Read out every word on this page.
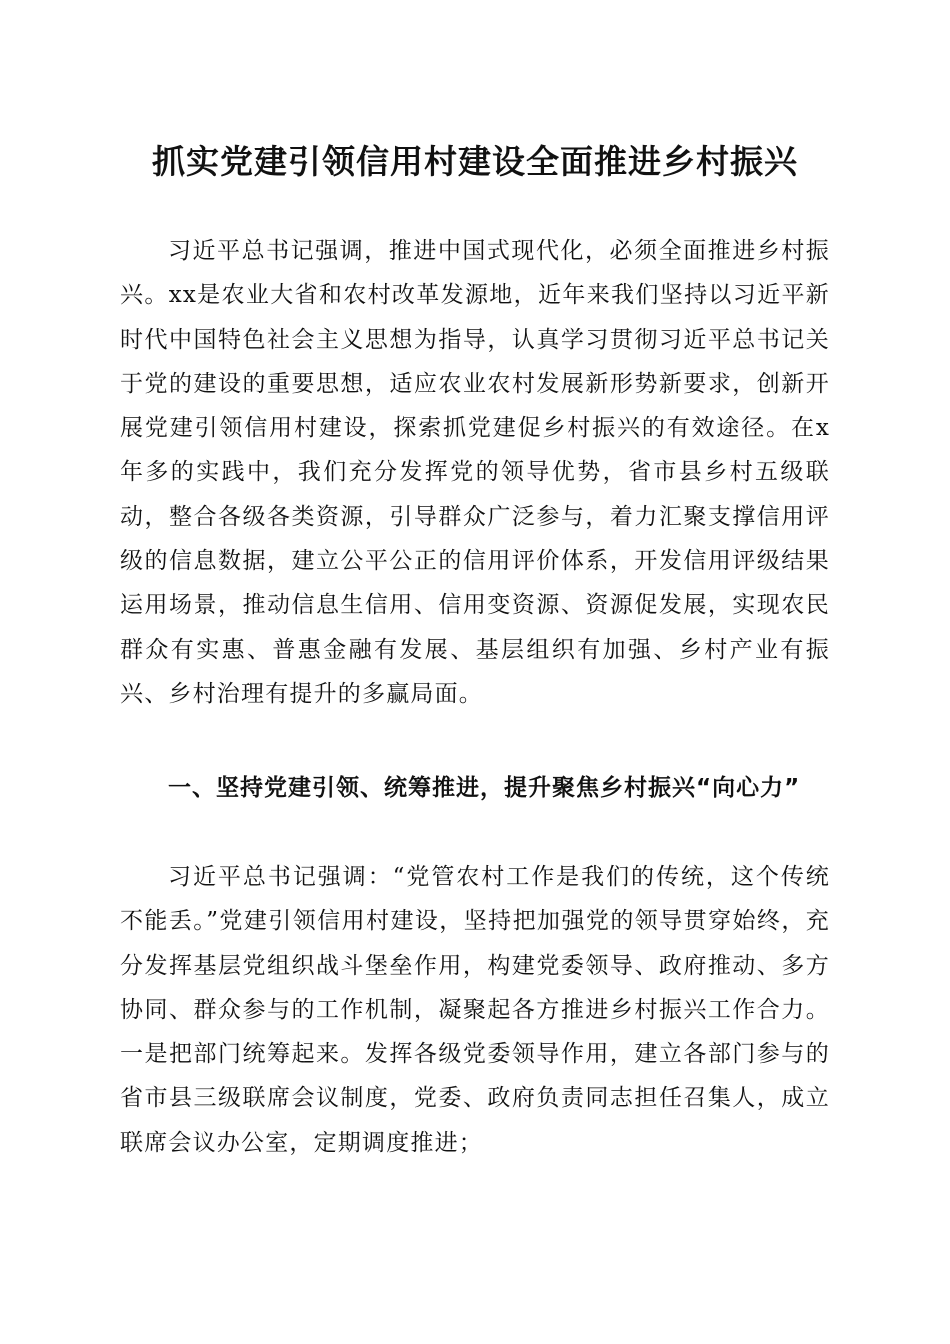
抓实党建引领信用村建设全面推进乡村振兴

习近平总书记强调，推进中国式现代化，必须全面推进乡村振兴。xx是农业大省和农村改革发源地，近年来我们坚持以习近平新时代中国特色社会主义思想为指导，认真学习贯彻习近平总书记关于党的建设的重要思想，适应农业农村发展新形势新要求，创新开展党建引领信用村建设，探索抓党建促乡村振兴的有效途径。在x年多的实践中，我们充分发挥党的领导优势，省市县乡村五级联动，整合各级各类资源，引导群众广泛参与，着力汇聚支撑信用评级的信息数据，建立公平公正的信用评价体系，开发信用评级结果运用场景，推动信息生信用、信用变资源、资源促发展，实现农民群众有实惠、普惠金融有发展、基层组织有加强、乡村产业有振兴、乡村治理有提升的多赢局面。

一、坚持党建引领、统筹推进，提升聚焦乡村振兴“向心力”

习近平总书记强调：“党管农村工作是我们的传统，这个传统不能丢。”党建引领信用村建设，坚持把加强党的领导贯穿始终，充分发挥基层党组织战斗堡垒作用，构建党委领导、政府推动、多方协同、群众参与的工作机制，凝聚起各方推进乡村振兴工作合力。一是把部门统筹起来。发挥各级党委领导作用，建立各部门参与的省市县三级联席会议制度，党委、政府负责同志担任召集人，成立联席会议办公室，定期调度推进；
